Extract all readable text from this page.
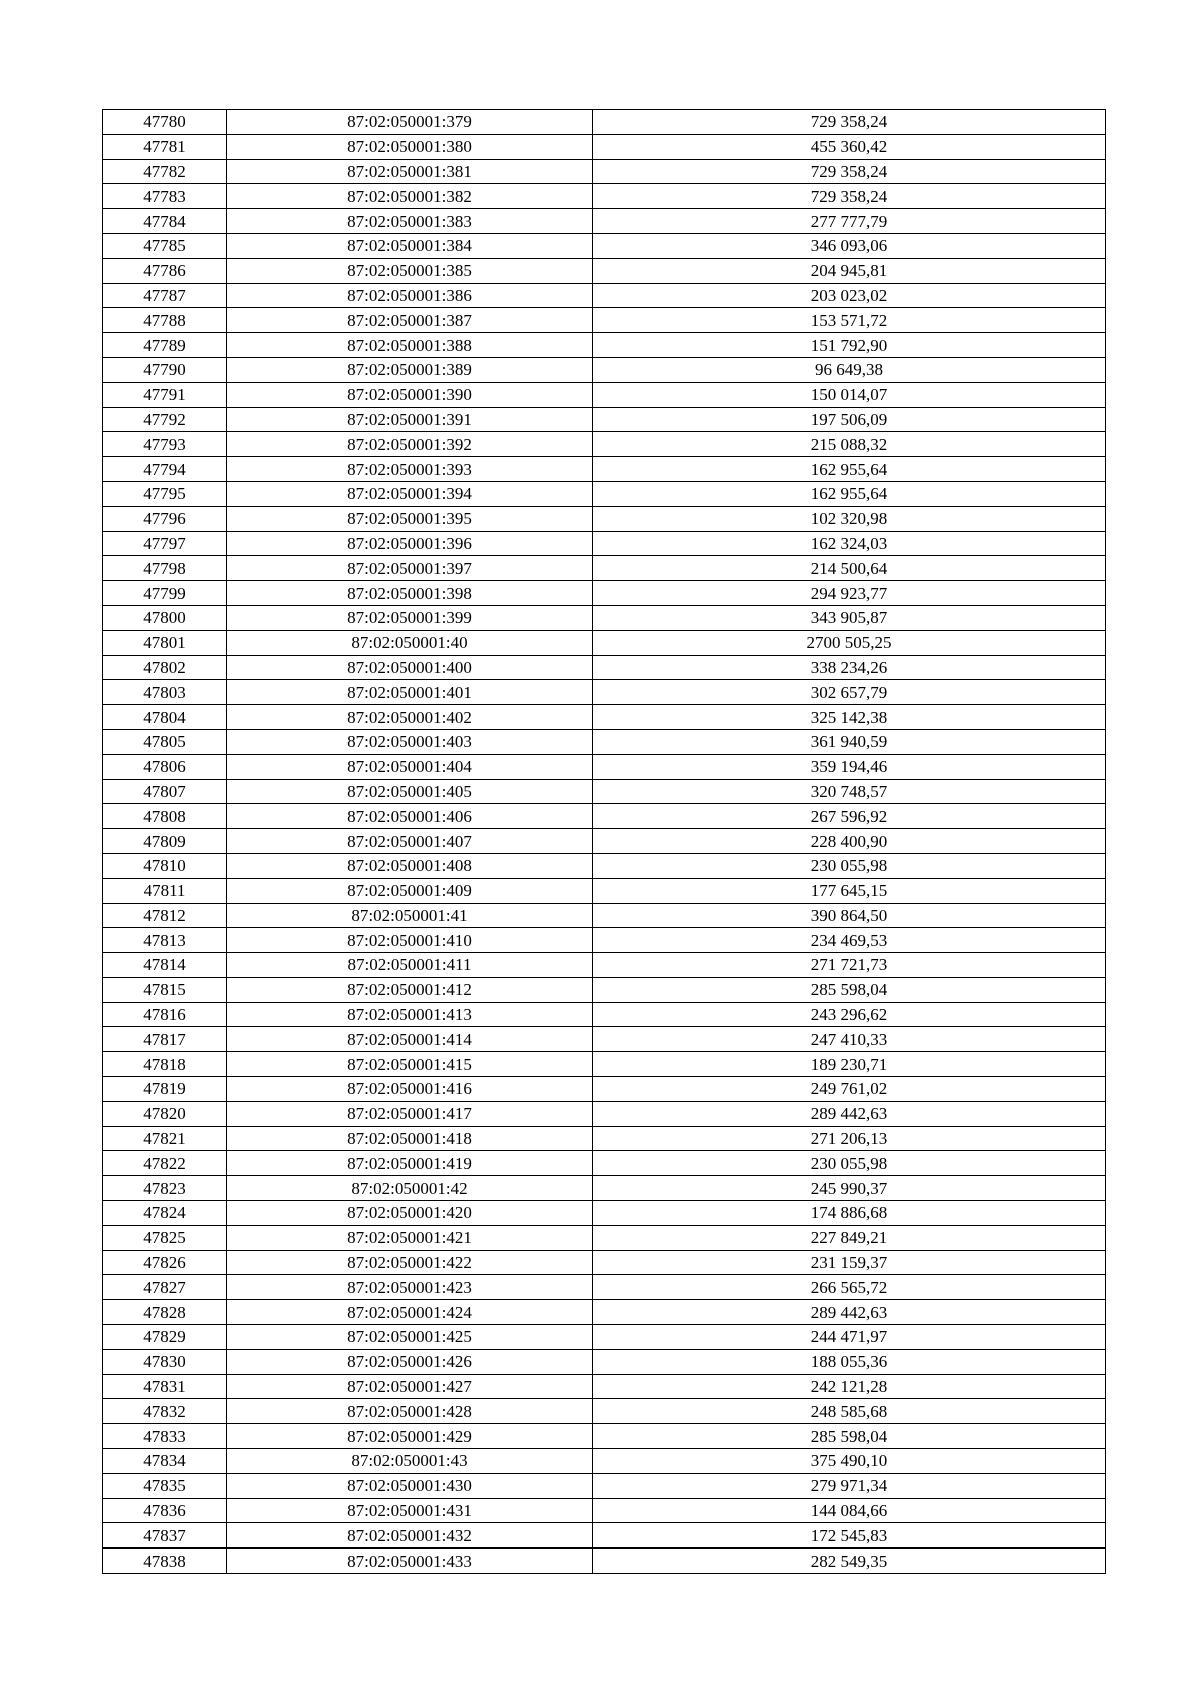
47780	87:02:050001:379	729 358,24
47781	87:02:050001:380	455 360,42
47782	87:02:050001:381	729 358,24
47783	87:02:050001:382	729 358,24
47784	87:02:050001:383	277 777,79
47785	87:02:050001:384	346 093,06
47786	87:02:050001:385	204 945,81
47787	87:02:050001:386	203 023,02
47788	87:02:050001:387	153 571,72
47789	87:02:050001:388	151 792,90
47790	87:02:050001:389	96 649,38
47791	87:02:050001:390	150 014,07
47792	87:02:050001:391	197 506,09
47793	87:02:050001:392	215 088,32
47794	87:02:050001:393	162 955,64
47795	87:02:050001:394	162 955,64
47796	87:02:050001:395	102 320,98
47797	87:02:050001:396	162 324,03
47798	87:02:050001:397	214 500,64
47799	87:02:050001:398	294 923,77
47800	87:02:050001:399	343 905,87
47801	87:02:050001:40	2700 505,25
47802	87:02:050001:400	338 234,26
47803	87:02:050001:401	302 657,79
47804	87:02:050001:402	325 142,38
47805	87:02:050001:403	361 940,59
47806	87:02:050001:404	359 194,46
47807	87:02:050001:405	320 748,57
47808	87:02:050001:406	267 596,92
47809	87:02:050001:407	228 400,90
47810	87:02:050001:408	230 055,98
47811	87:02:050001:409	177 645,15
47812	87:02:050001:41	390 864,50
47813	87:02:050001:410	234 469,53
47814	87:02:050001:411	271 721,73
47815	87:02:050001:412	285 598,04
47816	87:02:050001:413	243 296,62
47817	87:02:050001:414	247 410,33
47818	87:02:050001:415	189 230,71
47819	87:02:050001:416	249 761,02
47820	87:02:050001:417	289 442,63
47821	87:02:050001:418	271 206,13
47822	87:02:050001:419	230 055,98
47823	87:02:050001:42	245 990,37
47824	87:02:050001:420	174 886,68
47825	87:02:050001:421	227 849,21
47826	87:02:050001:422	231 159,37
47827	87:02:050001:423	266 565,72
47828	87:02:050001:424	289 442,63
47829	87:02:050001:425	244 471,97
47830	87:02:050001:426	188 055,36
47831	87:02:050001:427	242 121,28
47832	87:02:050001:428	248 585,68
47833	87:02:050001:429	285 598,04
47834	87:02:050001:43	375 490,10
47835	87:02:050001:430	279 971,34
47836	87:02:050001:431	144 084,66
47837	87:02:050001:432	172 545,83
47838	87:02:050001:433	282 549,35
